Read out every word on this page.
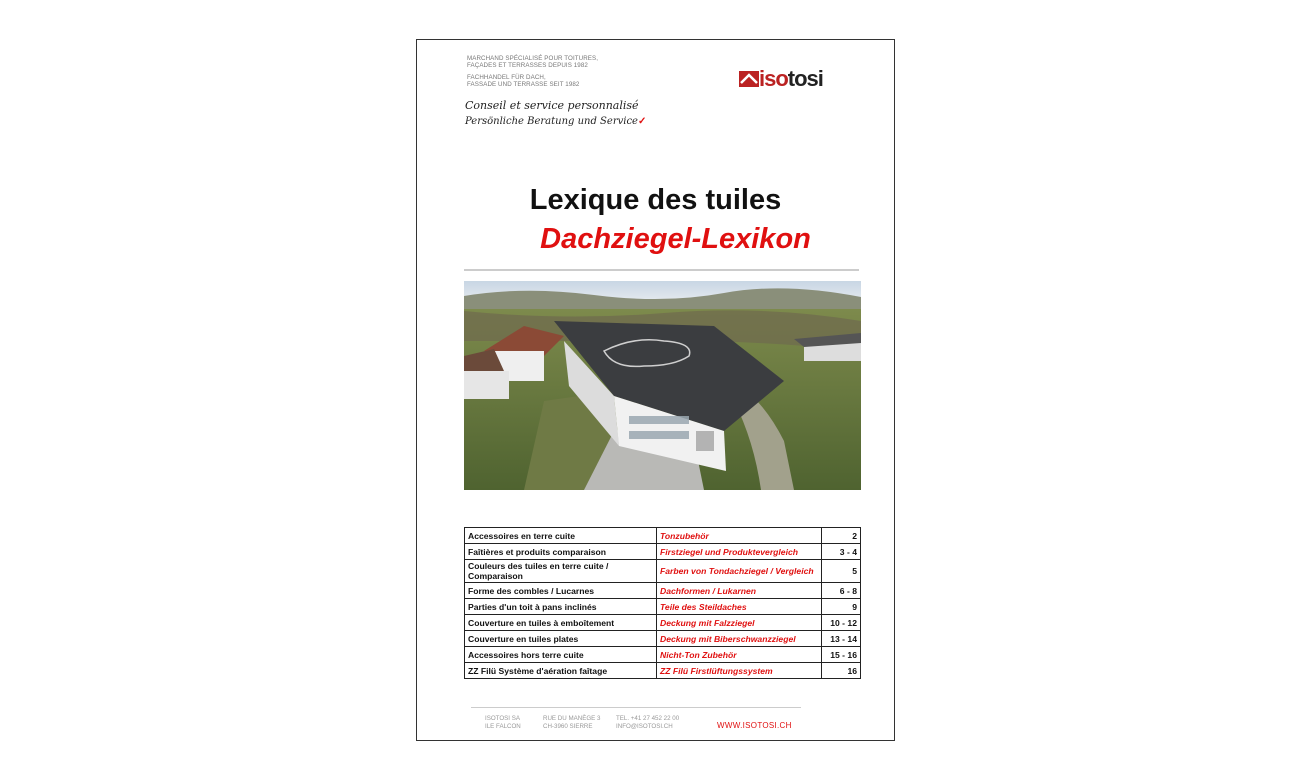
MARCHAND SPÉCIALISÉ POUR TOITURES,
FAÇADES ET TERRASSES DEPUIS 1982
FACHHANDEL FÜR DACH,
FASSADE UND TERRASSE SEIT 1982
Conseil et service personnalisé
Persönliche Beratung und Service✓
iso tosi
Lexique des tuiles
Dachziegel-Lexikon
Accessoires en terre cuite	Tonzubehör	2
Faîtières et produits comparaison	Firstziegel und Produktevergleich	3 - 4
Couleurs des tuiles en terre cuite / Comparaison	Farben von Tondachziegel / Vergleich	5
Forme des combles / Lucarnes	Dachformen / Lukarnen	6 - 8
Parties d'un toit à pans inclinés	Teile des Steildaches	9
Couverture en tuiles à emboîtement	Deckung mit Falzziegel	10 - 12
Couverture en tuiles plates	Deckung mit Biberschwanzziegel	13 - 14
Accessoires hors terre cuite	Nicht-Ton Zubehör	15 - 16
ZZ Filü Système d'aération faîtage	ZZ Filü Firstlüftungssystem	16
ISOTOSI SA
ILE FALCON
RUE DU MANÈGE 3
CH-3960 SIERRE
TEL. +41 27 452 22 00
INFO@ISOTOSI.CH	WWW.ISOTOSI.CH
